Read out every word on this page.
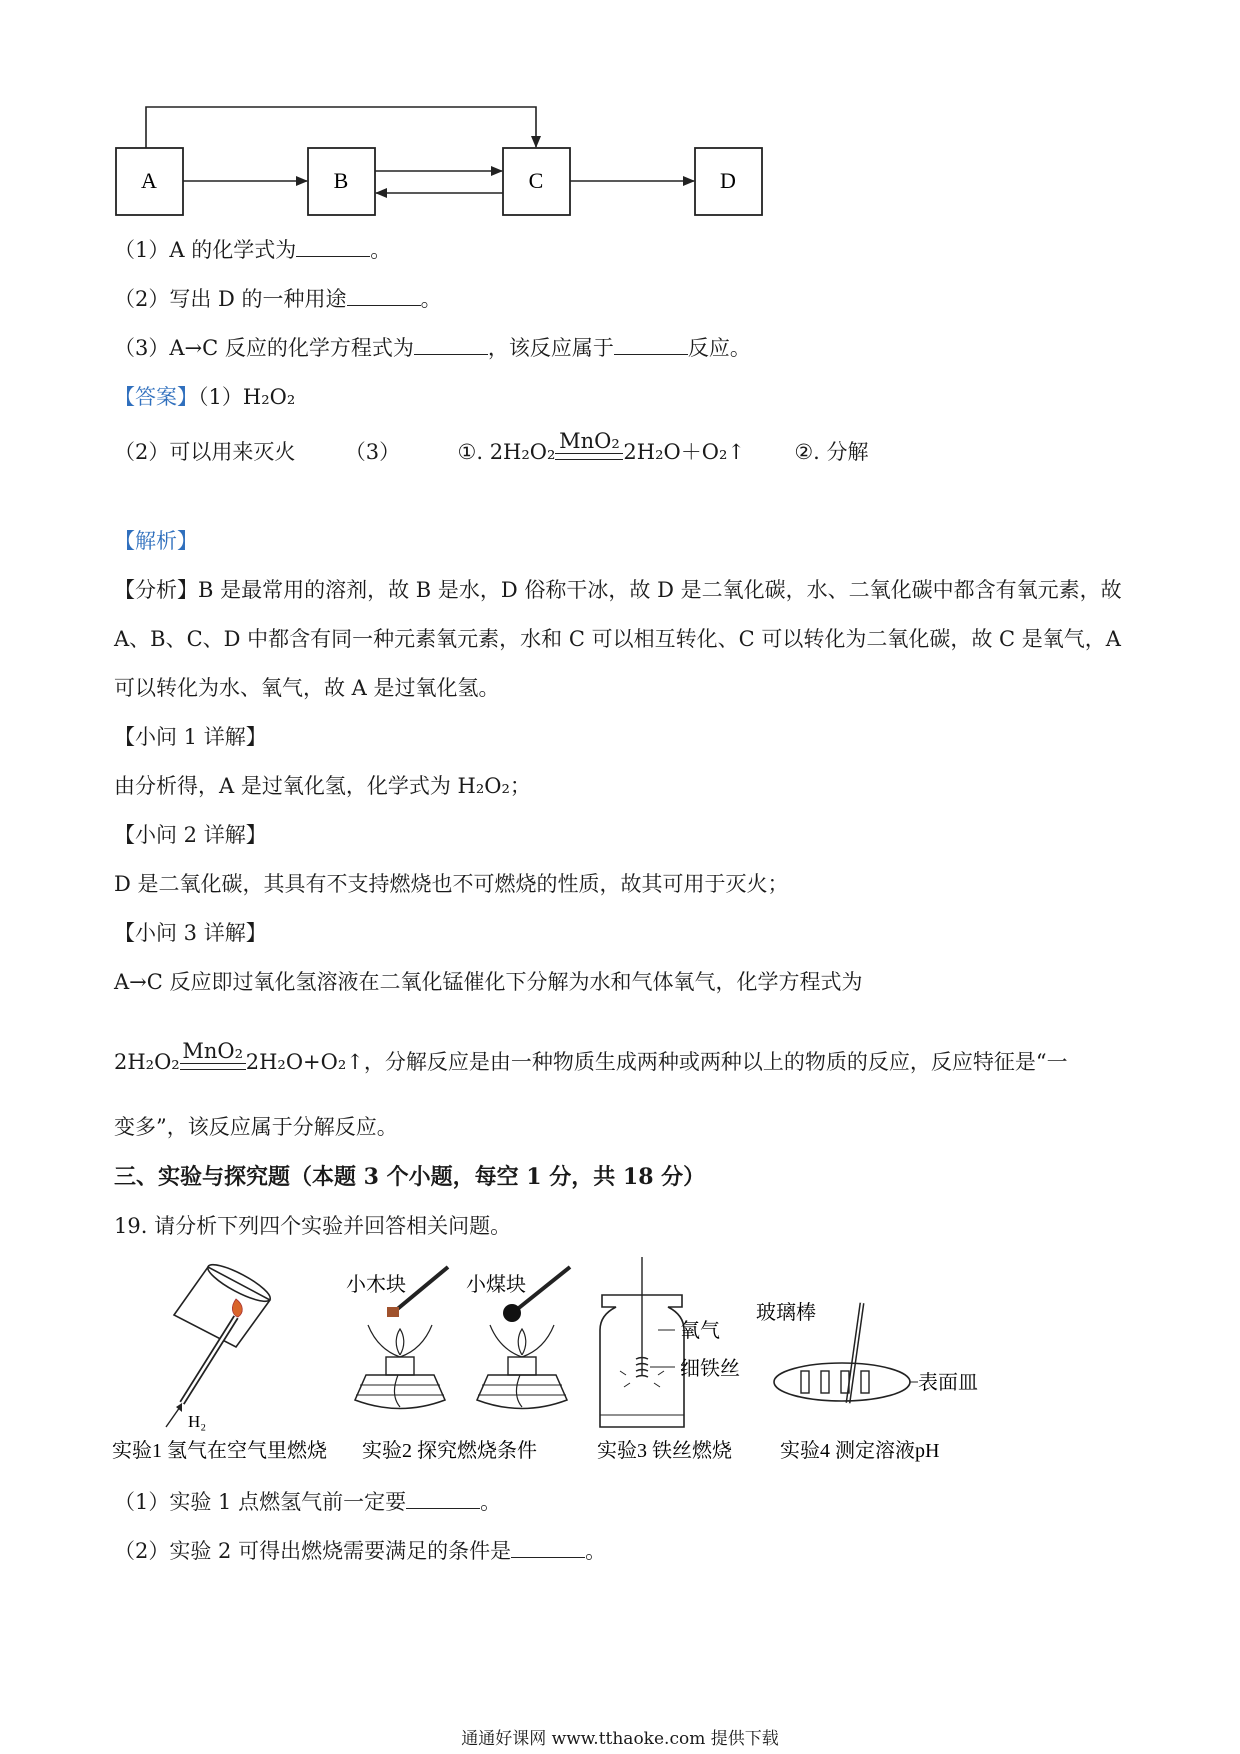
A	B	C	D
（1）A 的化学式为	。
（2）写出 D 的一种用途	。
（3）A→C 反应的化学方程式为	，该反应属于	反应。
【答案】（1）H₂O₂
（2）可以用来灭火 （3）	①. 2H₂O₂ MnO₂ 2H₂O＋O₂↑ ②. 分解
【解析】
【分析】B 是最常用的溶剂，故 B 是水，D 俗称干冰，故 D 是二氧化碳，水、二氧化碳中都含有氧元素，故
A、B、C、D 中都含有同一种元素氧元素，水和 C 可以相互转化、C 可以转化为二氧化碳，故 C 是氧气，A
可以转化为水、氧气，故 A 是过氧化氢。
【小问 1 详解】
由分析得，A 是过氧化氢，化学式为 H₂O₂；
【小问 2 详解】
D 是二氧化碳，其具有不支持燃烧也不可燃烧的性质，故其可用于灭火；
【小问 3 详解】
A→C 反应即过氧化氢溶液在二氧化锰催化下分解为水和气体氧气，化学方程式为
2H₂O₂ MnO₂ 2H₂O+O₂↑，分解反应是由一种物质生成两种或两种以上的物质的反应，反应特征是“一
变多”，该反应属于分解反应。
三、实验与探究题（本题 3 个小题，每空 1 分，共 18 分）
19. 请分析下列四个实验并回答相关问题。
H₂
小木块	小煤块
氧气
细铁丝
玻璃棒
表面皿
实验1 氢气在空气里燃烧 实验2 探究燃烧条件	实验3 铁丝燃烧 实验4 测定溶液pH
（1）实验 1 点燃氢气前一定要	。
（2）实验 2 可得出燃烧需要满足的条件是	。
通通好课网 www.tthaoke.com 提供下载
